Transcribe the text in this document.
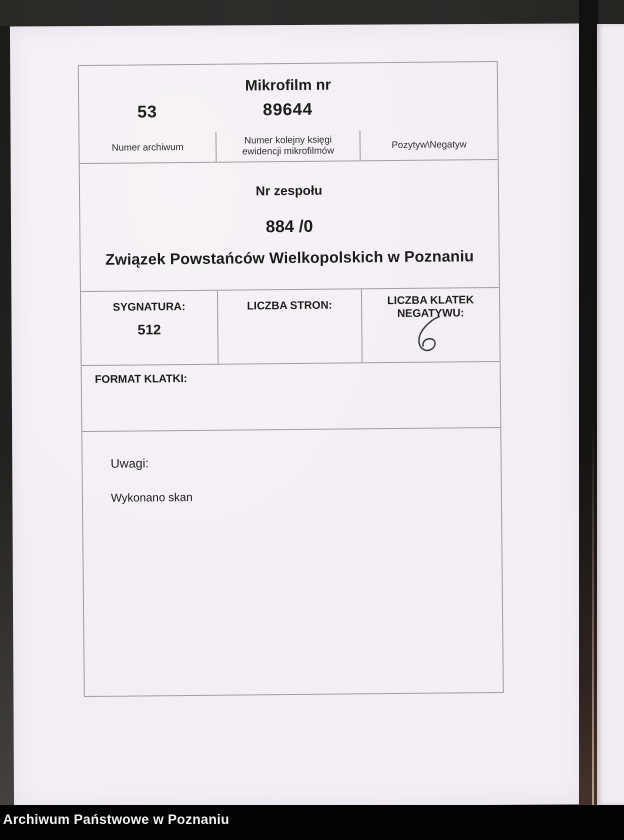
Mikrofilm nr
53	89644
Numer archiwum
Numer kolejny księgi
ewidencji mikrofilmów
Pozytyw\Negatyw
Nr zespołu
884 /0
Związek Powstańców Wielkopolskich w Poznaniu
SYGNATURA:
512
LICZBA STRON:	LICZBA KLATEK
NEGATYWU:
FORMAT KLATKI:
Uwagi:
Wykonano skan
Archiwum Państwowe w Poznaniu
